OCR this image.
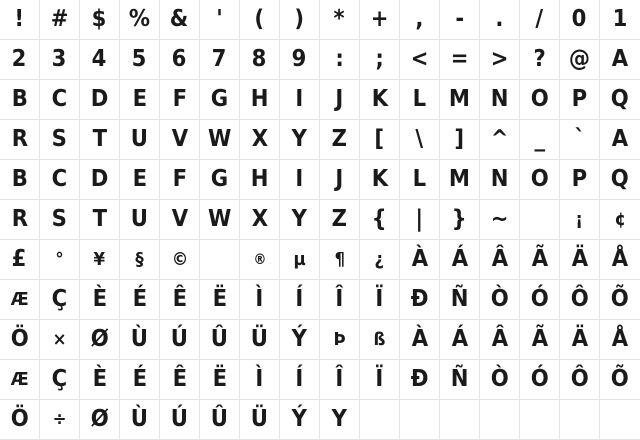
! # $ % & ' ( ) * + , - . / 0 1
2 3 4 5 6 7 8 9 : ; < = > ? @ A
B C D E F G H I J K L M N O P Q
R S T U V W X Y Z [ \ ] ^ _ ` A
B C D E F G H I J K L M N O P Q
R S T U V W X Y Z { | } ~	¡ ¢
£ ° ¥ § ©	® µ ¶ ¿ À Á Â Ã Ä Å
Æ Ç È É Ê Ë Ì Í Î Ï Ð Ñ Ò Ó Ô Õ
Ö × Ø Ù Ú Û Ü Ý Þ ß À Á Â Ã Ä Å
Æ Ç È É Ê Ë Ì Í Î Ï Ð Ñ Ò Ó Ô Õ
Ö ÷ Ø Ù Ú Û Ü Ý Y
